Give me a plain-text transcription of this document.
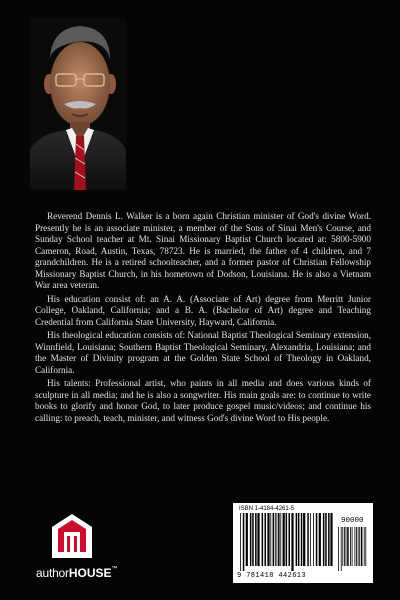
Reverend Dennis L. Walker is a born again Christian minister of God's divine Word. Presently he is an associate minister, a member of the Sons of Sinai Men's Course, and Sunday School teacher at Mt. Sinai Missionary Baptist Church located at: 5800-5900 Cameron, Road, Austin, Texas, 78723. He is married, the father of 4 children, and 7 grandchildren. He is a retired schoolteacher, and a former pastor of Christian Fellowship Missionary Baptist Church, in his hometown of Dodson, Louisiana. He is also a Vietnam War area veteran.

His education consist of: an A. A. (Associate of Art) degree from Merritt Junior College, Oakland, California; and a B. A. (Bachelor of Art) degree and Teaching Credential from California State University, Hayward, California.

His theological education consists of: National Baptist Theological Seminary extension, Winnfield, Louisiana; Southern Baptist Theological Seminary, Alexandria, Louisiana; and the Master of Divinity program at the Golden State School of Theology in Oakland, California.

His talents: Professional artist, who paints in all media and does various kinds of sculpture in all media; and he is also a songwriter. His main goals are: to continue to write books to glorify and honor God, to later produce gospel music/videos; and continue his calling: to preach, teach, minister, and witness God's divine Word to His people.

authorHOUSE™
ISBN 1-4184-4261-5
90000
9 781418 442613
